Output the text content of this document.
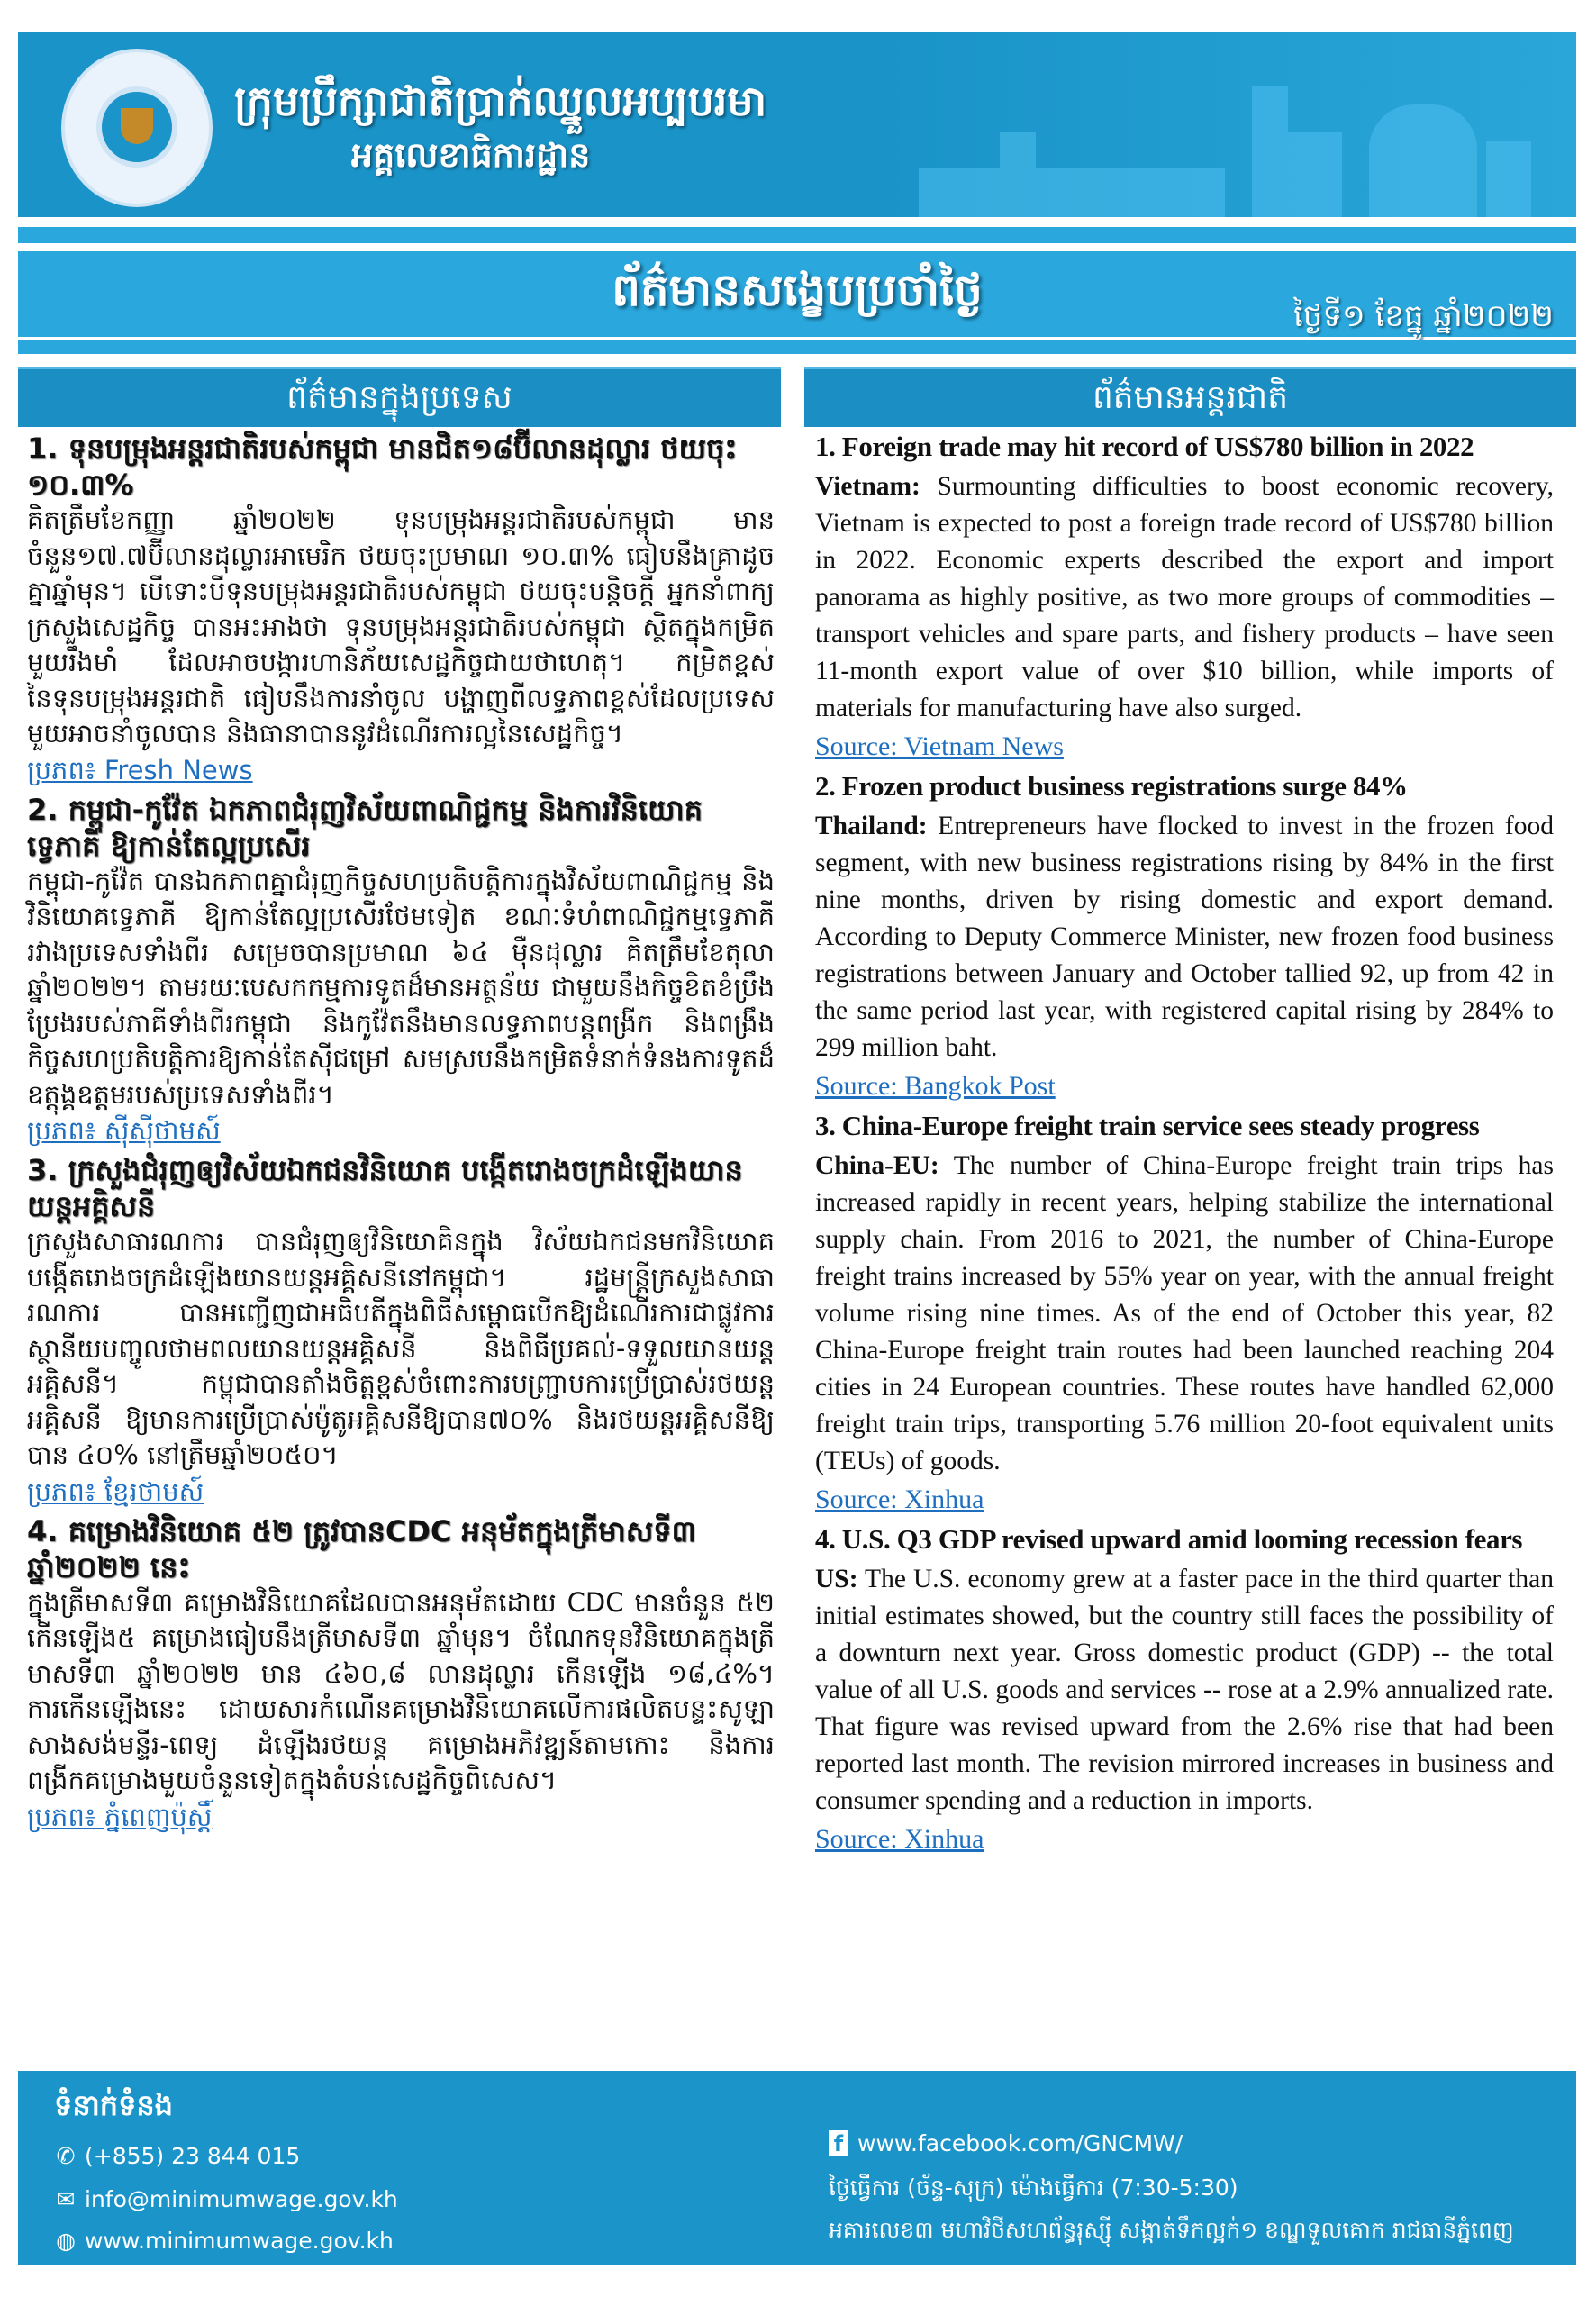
ក្រុមប្រឹក្សាជាតិប្រាក់ឈ្នួលអប្បបរមា
អគ្គលេខាធិការដ្ឋាន
ព័ត៌មានសង្ខេបប្រចាំថ្ងៃ	ថ្ងៃទី១ ខែធ្នូ ឆ្នាំ២០២២
ព័ត៌មានក្នុងប្រទេស	ព័ត៌មានអន្តរជាតិ

1. ទុនបម្រុងអន្តរជាតិរបស់កម្ពុជា មានជិត១៨ប៊ីលានដុល្លារ ថយចុះ ១០.៣%

គិតត្រឹមខែកញ្ញា ឆ្នាំ២០២២ ទុនបម្រុងអន្តរជាតិរបស់កម្ពុជា មានចំនួន១៧.៧ប៊ីលានដុល្លារអាមេរិក ថយចុះប្រមាណ ១០.៣% ធៀបនឹងគ្រាដូចគ្នាឆ្នាំមុន។ បើទោះបីទុនបម្រុងអន្តរជាតិរបស់កម្ពុជា ថយចុះបន្តិចក្តី អ្នកនាំពាក្យក្រសួងសេដ្ឋកិច្ច បានអះអាងថា ទុនបម្រុងអន្តរជាតិរបស់កម្ពុជា ស្ថិតក្នុងកម្រិតមួយរឹងមាំ ដែលអាចបង្ការហានិភ័យសេដ្ឋកិច្ចជាយថាហេតុ។ កម្រិតខ្ពស់នៃទុនបម្រុងអន្តរជាតិ ធៀបនឹងការនាំចូល បង្ហាញពីលទ្ធភាពខ្ពស់ដែលប្រទេសមួយអាចនាំចូលបាន និងធានាបាននូវដំណើរការល្អនៃសេដ្ឋកិច្ច។

ប្រភព៖ Fresh News

2. កម្ពុជា-កូវ៉ែត ឯកភាពជំរុញវិស័យពាណិជ្ជកម្ម និងការវិនិយោគទ្វេភាគី ឱ្យកាន់តែល្អប្រសើរ

កម្ពុជា-កូវ៉ែត បានឯកភាពគ្នាជំរុញកិច្ចសហប្រតិបត្តិការក្នុងវិស័យពាណិជ្ជកម្ម និងវិនិយោគទ្វេភាគី ឱ្យកាន់តែល្អប្រសើរថែមទៀត ខណៈទំហំពាណិជ្ជកម្មទ្វេភាគីរវាងប្រទេសទាំងពីរ សម្រេចបានប្រមាណ ៦៤ ម៉ឺនដុល្លារ គិតត្រឹមខែតុលាឆ្នាំ២០២២។ តាមរយៈបេសកកម្មការទូតដ៏មានអត្ថន័យ ជាមួយនឹងកិច្ចខិតខំប្រឹងប្រែងរបស់ភាគីទាំងពីរកម្ពុជា និងកូវ៉ែតនឹងមានលទ្ធភាពបន្តពង្រីក និងពង្រឹងកិច្ចសហប្រតិបត្តិការឱ្យកាន់តែស៊ីជម្រៅ សមស្របនឹងកម្រិតទំនាក់ទំនងការទូតដ៏ឧត្តុង្គឧត្តមរបស់ប្រទេសទាំងពីរ។

ប្រភព៖ ស៊ីស៊ីថាមស៍

3. ក្រសួងជំរុញឲ្យវិស័យឯកជនវិនិយោគ បង្កើតរោងចក្រដំឡើងយានយន្តអគ្គិសនី

ក្រសួងសាធារណការ បានជំរុញឲ្យវិនិយោគិនក្នុង វិស័យឯកជនមកវិនិយោគបង្កើតរោងចក្រដំឡើងយានយន្តអគ្គិសនីនៅកម្ពុជា។ រដ្ឋមន្ត្រីក្រសួងសាធារណការ បានអញ្ជើញជាអធិបតីក្នុងពិធីសម្ពោធបើកឱ្យដំណើរការជាផ្លូវការ ស្ថានីយបញ្ចូលថាមពលយានយន្តអគ្គិសនី និងពិធីប្រគល់-ទទួលយានយន្តអគ្គិសនី។ កម្ពុជាបានតាំងចិត្តខ្ពស់ចំពោះការបញ្ជ្រាបការប្រើប្រាស់រថយន្តអគ្គិសនី ឱ្យមានការប្រើប្រាស់ម៉ូតូអគ្គិសនីឱ្យបាន៧០% និងរថយន្តអគ្គិសនីឱ្យបាន ៤០% នៅត្រឹមឆ្នាំ២០៥០។

ប្រភព៖ ខ្មែរថាមស៍

4. គម្រោងវិនិយោគ ៥២ ត្រូវបានCDC អនុម័តក្នុងត្រីមាសទី៣ ឆ្នាំ២០២២ នេះ

ក្នុងត្រីមាសទី៣ គម្រោងវិនិយោគដែលបានអនុម័តដោយ CDC មានចំនួន ៥២ កើនឡើង៥ គម្រោងធៀបនឹងត្រីមាសទី៣ ឆ្នាំមុន។ ចំណែកទុនវិនិយោគក្នុងត្រីមាសទី៣ ឆ្នាំ២០២២ មាន ៤៦០,៨ លានដុល្លារ កើនឡើង ១៨,៤%។ ការកើនឡើងនេះ ដោយសារកំណើនគម្រោងវិនិយោគលើការផលិតបន្ទះសូឡា សាងសង់មន្ទីរ-ពេទ្យ ដំឡើងរថយន្ត គម្រោងអភិវឌ្ឍន៍តាមកោះ និងការពង្រីកគម្រោងមួយចំនួនទៀតក្នុងតំបន់សេដ្ឋកិច្ចពិសេស។

ប្រភព៖ ភ្នំពេញប៉ុស្តិ៍

1. Foreign trade may hit record of US$780 billion in 2022

Vietnam: Surmounting difficulties to boost economic recovery, Vietnam is expected to post a foreign trade record of US$780 billion in 2022. Economic experts described the export and import panorama as highly positive, as two more groups of commodities – transport vehicles and spare parts, and fishery products – have seen 11-month export value of over $10 billion, while imports of materials for manufacturing have also surged.

Source: Vietnam News

2. Frozen product business registrations surge 84%

Thailand: Entrepreneurs have flocked to invest in the frozen food segment, with new business registrations rising by 84% in the first nine months, driven by rising domestic and export demand. According to Deputy Commerce Minister, new frozen food business registrations between January and October tallied 92, up from 42 in the same period last year, with registered capital rising by 284% to 299 million baht.

Source: Bangkok Post

3. China-Europe freight train service sees steady progress

China-EU: The number of China-Europe freight train trips has increased rapidly in recent years, helping stabilize the international supply chain. From 2016 to 2021, the number of China-Europe freight trains increased by 55% year on year, with the annual freight volume rising nine times. As of the end of October this year, 82 China-Europe freight train routes had been launched reaching 204 cities in 24 European countries. These routes have handled 62,000 freight train trips, transporting 5.76 million 20-foot equivalent units (TEUs) of goods.

Source: Xinhua

4. U.S. Q3 GDP revised upward amid looming recession fears

US: The U.S. economy grew at a faster pace in the third quarter than initial estimates showed, but the country still faces the possibility of a downturn next year. Gross domestic product (GDP) -- the total value of all U.S. goods and services -- rose at a 2.9% annualized rate. That figure was revised upward from the 2.6% rise that had been reported last month. The revision mirrored increases in business and consumer spending and a reduction in imports.

Source: Xinhua
ទំនាក់ទំនង
✆ (+855) 23 844 015
✉ info@minimumwage.gov.kh
◍ www.minimumwage.gov.kh
f www.facebook.com/GNCMW/
ថ្ងៃធ្វើការ (ច័ន្ទ-សុក្រ) ម៉ោងធ្វើការ (7:30-5:30)
អគារលេខ៣ មហាវិថីសហព័ន្ធរុស្ស៊ី សង្កាត់ទឹកល្អក់១ ខណ្ឌទួលគោក រាជធានីភ្នំពេញ
